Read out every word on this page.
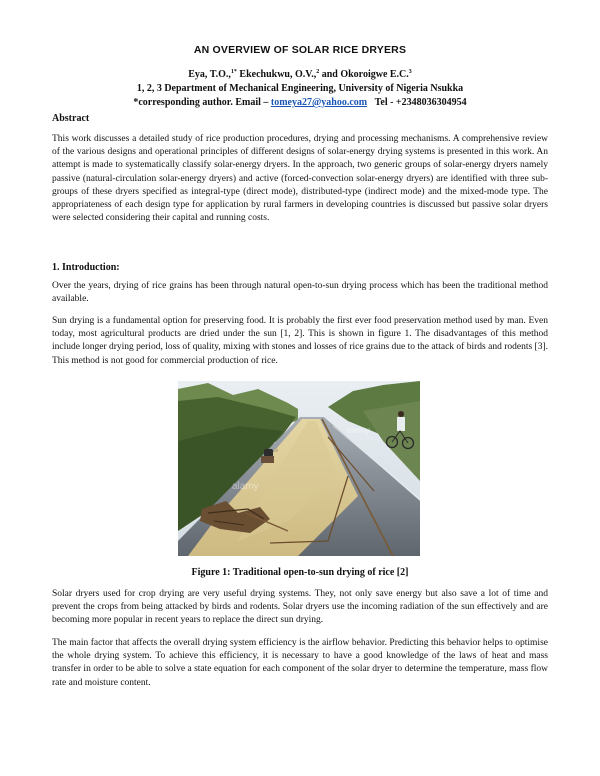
AN OVERVIEW OF SOLAR RICE DRYERS
Eya, T.O.,$^{1*}$ Ekechukwu, O.V.,$^2$ and Okoroigwe E.C.$^3$
1, 2, 3 Department of Mechanical Engineering, University of Nigeria Nsukka
*corresponding author. Email – tomeya27@yahoo.com Tel - +2348036304954
Abstract

This work discusses a detailed study of rice production procedures, drying and processing mechanisms. A comprehensive review of the various designs and operational principles of different designs of solar-energy drying systems is presented in this work. An attempt is made to systematically classify solar-energy dryers. In the approach, two generic groups of solar-energy dryers namely passive (natural-circulation solar-energy dryers) and active (forced-convection solar-energy dryers) are identified with three sub-groups of these dryers specified as integral-type (direct mode), distributed-type (indirect mode) and the mixed-mode type. The appropriateness of each design type for application by rural farmers in developing countries is discussed but passive solar dryers were selected considering their capital and running costs.

1. Introduction:

Over the years, drying of rice grains has been through natural open-to-sun drying process which has been the traditional method available.

Sun drying is a fundamental option for preserving food. It is probably the first ever food preservation method used by man. Even today, most agricultural products are dried under the sun [1, 2]. This is shown in figure 1. The disadvantages of this method include longer drying period, loss of quality, mixing with stones and losses of rice grains due to the attack of birds and rodents [3]. This method is not good for commercial production of rice.

alamy
alamy
Figure 1: Traditional open-to-sun drying of rice [2]

Solar dryers used for crop drying are very useful drying systems. They, not only save energy but also save a lot of time and prevent the crops from being attacked by birds and rodents. Solar dryers use the incoming radiation of the sun effectively and are becoming more popular in recent years to replace the direct sun drying.

The main factor that affects the overall drying system efficiency is the airflow behavior. Predicting this behavior helps to optimise the whole drying system. To achieve this efficiency, it is necessary to have a good knowledge of the laws of heat and mass transfer in order to be able to solve a state equation for each component of the solar dryer to determine the temperature, mass flow rate and moisture content.
